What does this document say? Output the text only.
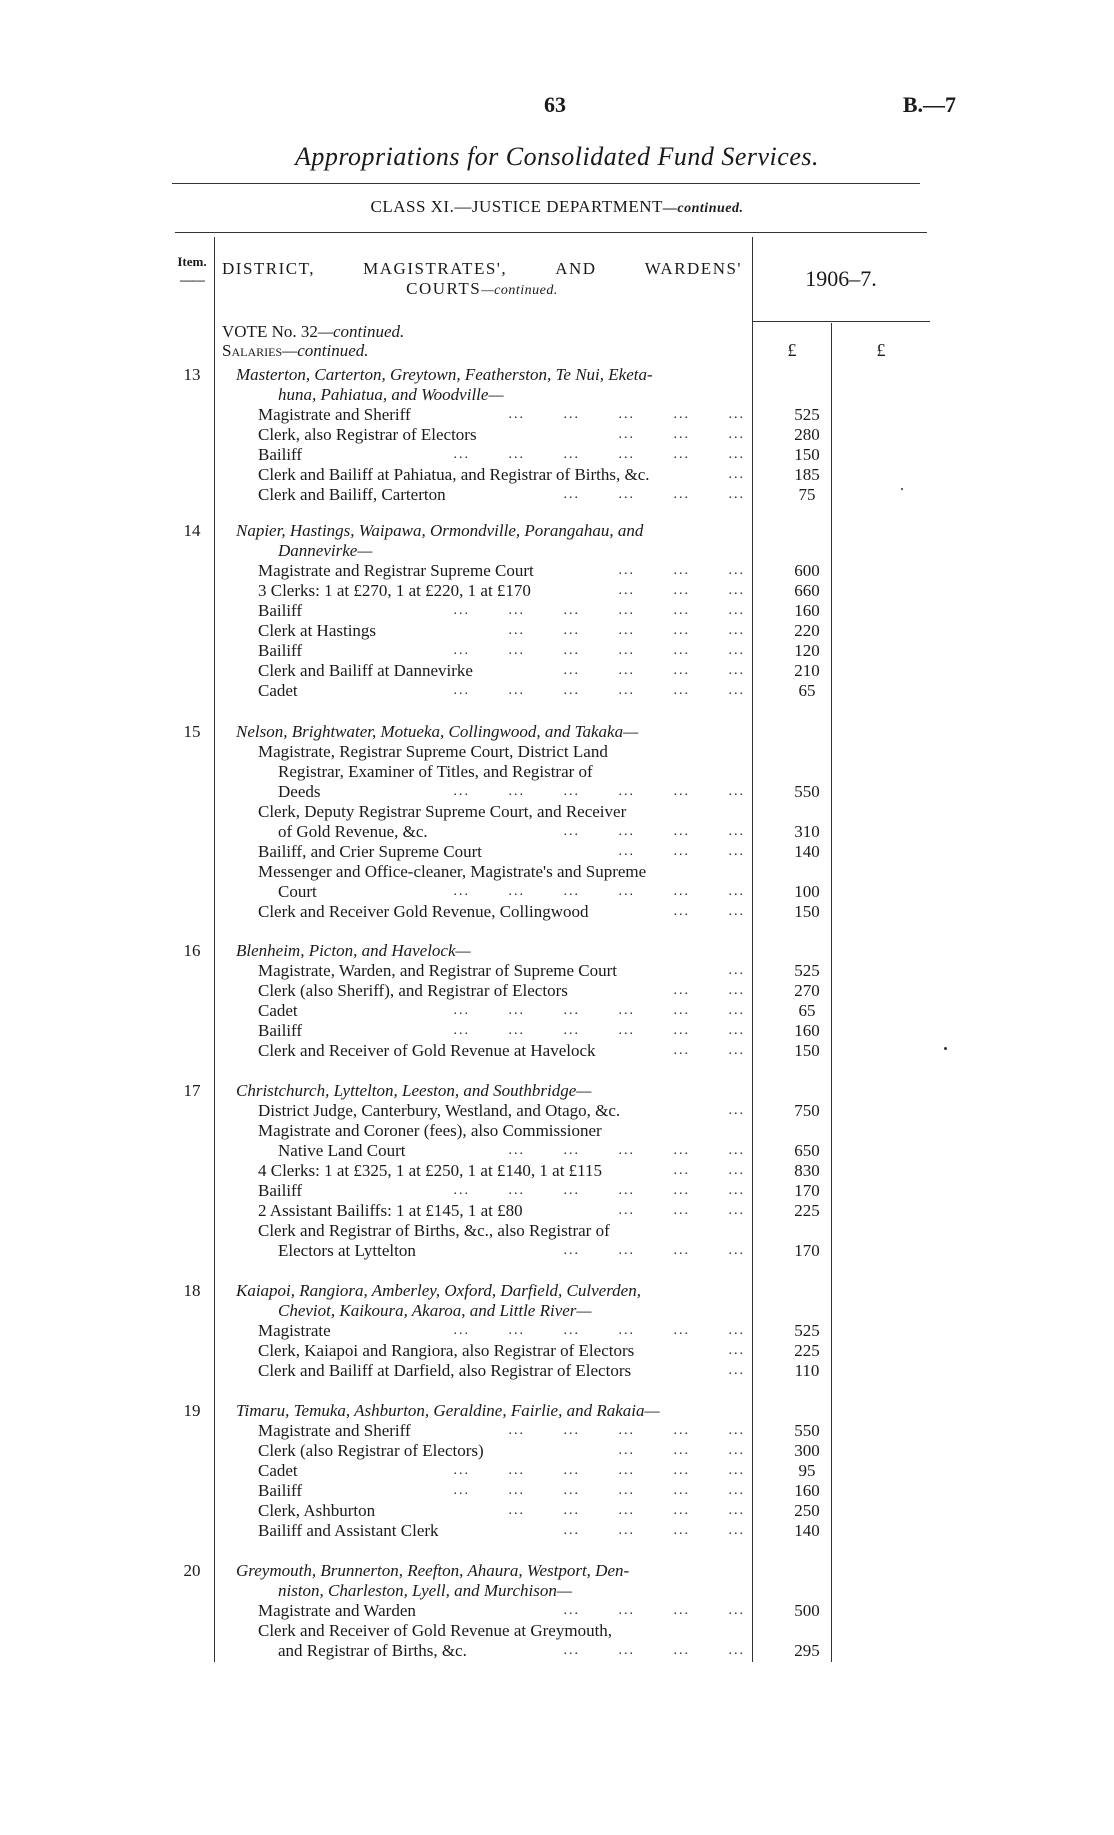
63	B.—7
Appropriations for Consolidated Fund Services.
CLASS XI.—JUSTICE DEPARTMENT—continued.
Item.
——
DISTRICT,	MAGISTRATES',	AND	WARDENS'
COURTS—continued.	1906–7.
£	£
VOTE No. 32—continued.
Salaries—continued.
13	Masterton, Carterton, Greytown, Featherston, Te Nui, Eketa-
huna, Pahiatua, and Woodville—
Magistrate and Sheriff	...       ...       ...       ...       ...	525
Clerk, also Registrar of Electors	...       ...       ...	280
Bailiff	...       ...       ...       ...       ...       ...	150
Clerk and Bailiff at Pahiatua, and Registrar of Births, &c.	...	185
Clerk and Bailiff, Carterton	...       ...       ...       ...	75
14	Napier, Hastings, Waipawa, Ormondville, Porangahau, and
Dannevirke—
Magistrate and Registrar Supreme Court	...       ...       ...	600
3 Clerks: 1 at £270, 1 at £220, 1 at £170	...       ...       ...	660
Bailiff	...       ...       ...       ...       ...       ...	160
Clerk at Hastings	...       ...       ...       ...       ...	220
Bailiff	...       ...       ...       ...       ...       ...	120
Clerk and Bailiff at Dannevirke	...       ...       ...       ...	210
Cadet	...       ...       ...       ...       ...       ...	65
15	Nelson, Brightwater, Motueka, Collingwood, and Takaka—
Magistrate, Registrar Supreme Court, District Land
Registrar, Examiner of Titles, and Registrar of
Deeds	...       ...       ...       ...       ...       ...	550
Clerk, Deputy Registrar Supreme Court, and Receiver
of Gold Revenue, &c.	...       ...       ...       ...	310
Bailiff, and Crier Supreme Court	...       ...       ...	140
Messenger and Office-cleaner, Magistrate's and Supreme
Court	...       ...       ...       ...       ...       ...	100
Clerk and Receiver Gold Revenue, Collingwood	...       ...	150
16	Blenheim, Picton, and Havelock—
Magistrate, Warden, and Registrar of Supreme Court	...	525
Clerk (also Sheriff), and Registrar of Electors	...       ...	270
Cadet	...       ...       ...       ...       ...       ...	65
Bailiff	...       ...       ...       ...       ...       ...	160
Clerk and Receiver of Gold Revenue at Havelock	...       ...	150
17	Christchurch, Lyttelton, Leeston, and Southbridge—
District Judge, Canterbury, Westland, and Otago, &c.	...	750
Magistrate and Coroner (fees), also Commissioner
Native Land Court	...       ...       ...       ...       ...	650
4 Clerks: 1 at £325, 1 at £250, 1 at £140, 1 at £115	...       ...	830
Bailiff	...       ...       ...       ...       ...       ...	170
2 Assistant Bailiffs: 1 at £145, 1 at £80	...       ...       ...	225
Clerk and Registrar of Births, &c., also Registrar of
Electors at Lyttelton	...       ...       ...       ...	170
18	Kaiapoi, Rangiora, Amberley, Oxford, Darfield, Culverden,
Cheviot, Kaikoura, Akaroa, and Little River—
Magistrate	...       ...       ...       ...       ...       ...	525
Clerk, Kaiapoi and Rangiora, also Registrar of Electors	...	225
Clerk and Bailiff at Darfield, also Registrar of Electors	...	110
19	Timaru, Temuka, Ashburton, Geraldine, Fairlie, and Rakaia—
Magistrate and Sheriff	...       ...       ...       ...       ...	550
Clerk (also Registrar of Electors)	...       ...       ...	300
Cadet	...       ...       ...       ...       ...       ...	95
Bailiff	...       ...       ...       ...       ...       ...	160
Clerk, Ashburton	...       ...       ...       ...       ...	250
Bailiff and Assistant Clerk	...       ...       ...       ...	140
20	Greymouth, Brunnerton, Reefton, Ahaura, Westport, Den-
niston, Charleston, Lyell, and Murchison—
Magistrate and Warden	...       ...       ...       ...	500
Clerk and Receiver of Gold Revenue at Greymouth,
and Registrar of Births, &c.	...       ...       ...       ...	295
